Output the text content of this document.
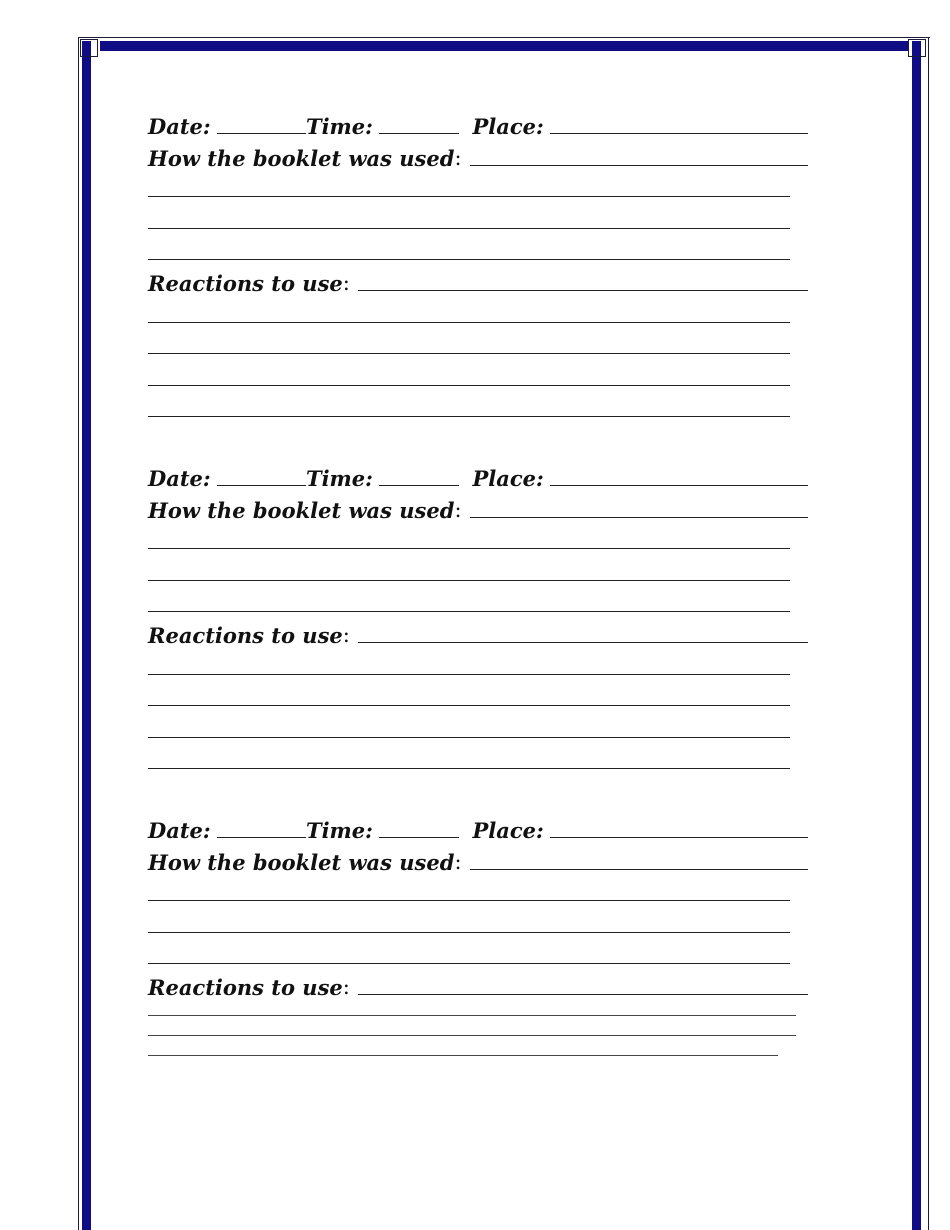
Date:	Time:	Place:
How the booklet was used :
Reactions to use :
Date:	Time:	Place:
How the booklet was used :
Reactions to use :
Date:	Time:	Place:
How the booklet was used :
Reactions to use :
